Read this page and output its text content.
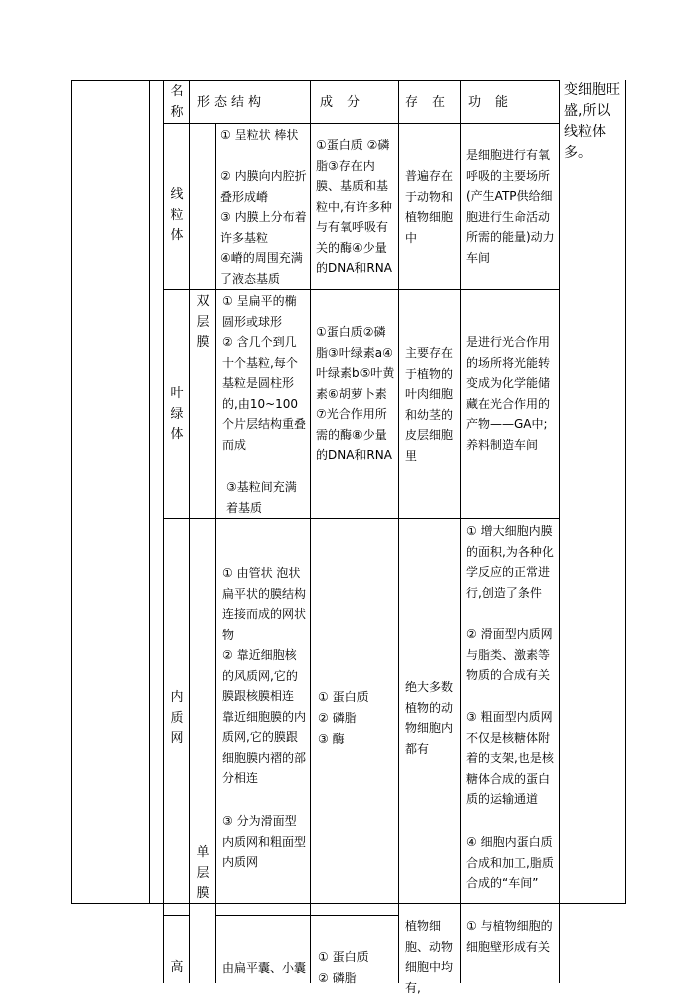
名称
形态结构	成分 存在 功能
变细胞旺盛,所以线粒体多。
双层膜
单层膜
线粒体
① 呈粒状 棒状
② 内膜向内腔折叠形成嵴
③ 内膜上分布着许多基粒
④嵴的周围充满了液态基质
①蛋白质 ②磷脂③存在内膜、基质和基粒中,有许多种与有氧呼吸有关的酶④少量的DNA和RNA
普遍存在于动物和植物细胞中
是细胞进行有氧呼吸的主要场所(产生ATP供给细胞进行生命活动所需的能量)动力车间
叶绿体
① 呈扁平的椭圆形或球形
② 含几个到几十个基粒,每个基粒是圆柱形的,由10~100个片层结构重叠而成
③基粒间充满着基质
①蛋白质②磷脂③叶绿素a④叶绿素b⑤叶黄素⑥胡萝卜素⑦光合作用所需的酶⑧少量的DNA和RNA
主要存在于植物的叶肉细胞和幼茎的皮层细胞里
是进行光合作用的场所将光能转变成为化学能储藏在光合作用的产物——GA中;养料制造车间
内质网
① 由管状 泡状 扁平状的膜结构连接而成的网状物
② 靠近细胞核的风质网,它的膜跟核膜相连 靠近细胞膜的内质网,它的膜跟细胞膜内褶的部分相连
③ 分为滑面型内质网和粗面型内质网
① 蛋白质
② 磷脂
③ 酶
绝大多数植物的动物细胞内都有
① 增大细胞内膜的面积,为各种化学反应的正常进行,创造了条件
② 滑面型内质网与脂类、激素等物质的合成有关
③ 粗面型内质网不仅是核糖体附着的支架,也是核糖体合成的蛋白质的运输通道
④ 细胞内蛋白质合成和加工,脂质合成的“车间”
高	由扁平囊、小囊
① 蛋白质
② 磷脂
植物细胞、动物细胞中均有,
① 与植物细胞的细胞壁形成有关
